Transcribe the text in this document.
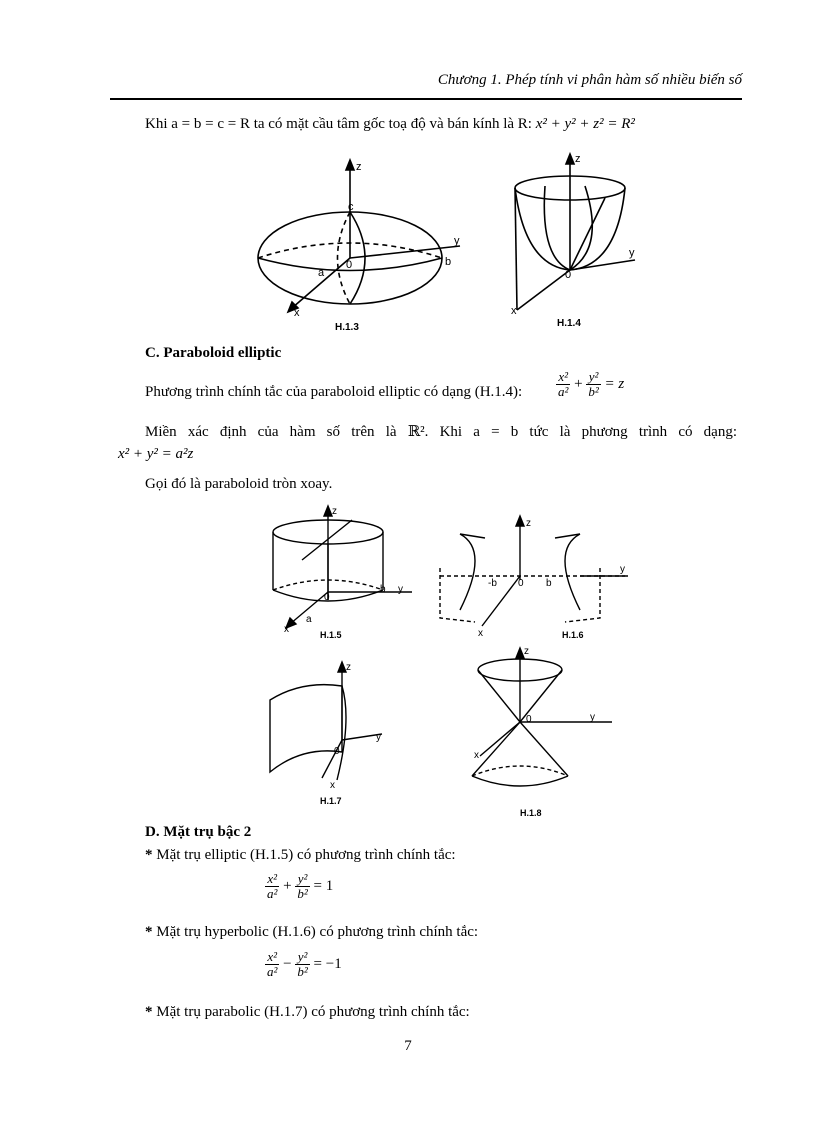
Chương 1. Phép tính vi phân hàm số nhiều biến số
Khi a = b = c = R ta có mặt cầu tâm gốc toạ độ và bán kính là R: x² + y² + z² = R²
z
c
y
b
0
a
x
H.1.3
z
y
0
x
H.1.4
C. Paraboloid elliptic
Phương trình chính tắc của paraboloid elliptic có dạng (H.1.4):	$\frac{\text{x²}}{\text{a²}} + \frac{\text{y²}}{\text{b²}} = z$
Miền xác định của hàm số trên là ℝ². Khi a = b tức là phương trình có dạng:
x² + y² = a²z
Gọi đó là paraboloid tròn xoay.
z
y
b
0
a
x	H.1.5
z
y
-b 0 b
x	H.1.6
z
y
0
x
H.1.7
z
y
0
x
H.1.8
D. Mặt trụ bậc 2
* Mặt trụ elliptic (H.1.5) có phương trình chính tắc:
$\frac{\text{x²}}{\text{a²}} + \frac{\text{y²}}{\text{b²}} = 1$
* Mặt trụ hyperbolic (H.1.6) có phương trình chính tắc:
$\frac{\text{x²}}{\text{a²}} - \frac{\text{y²}}{\text{b²}} = -1$
* Mặt trụ parabolic (H.1.7) có phương trình chính tắc:
7
